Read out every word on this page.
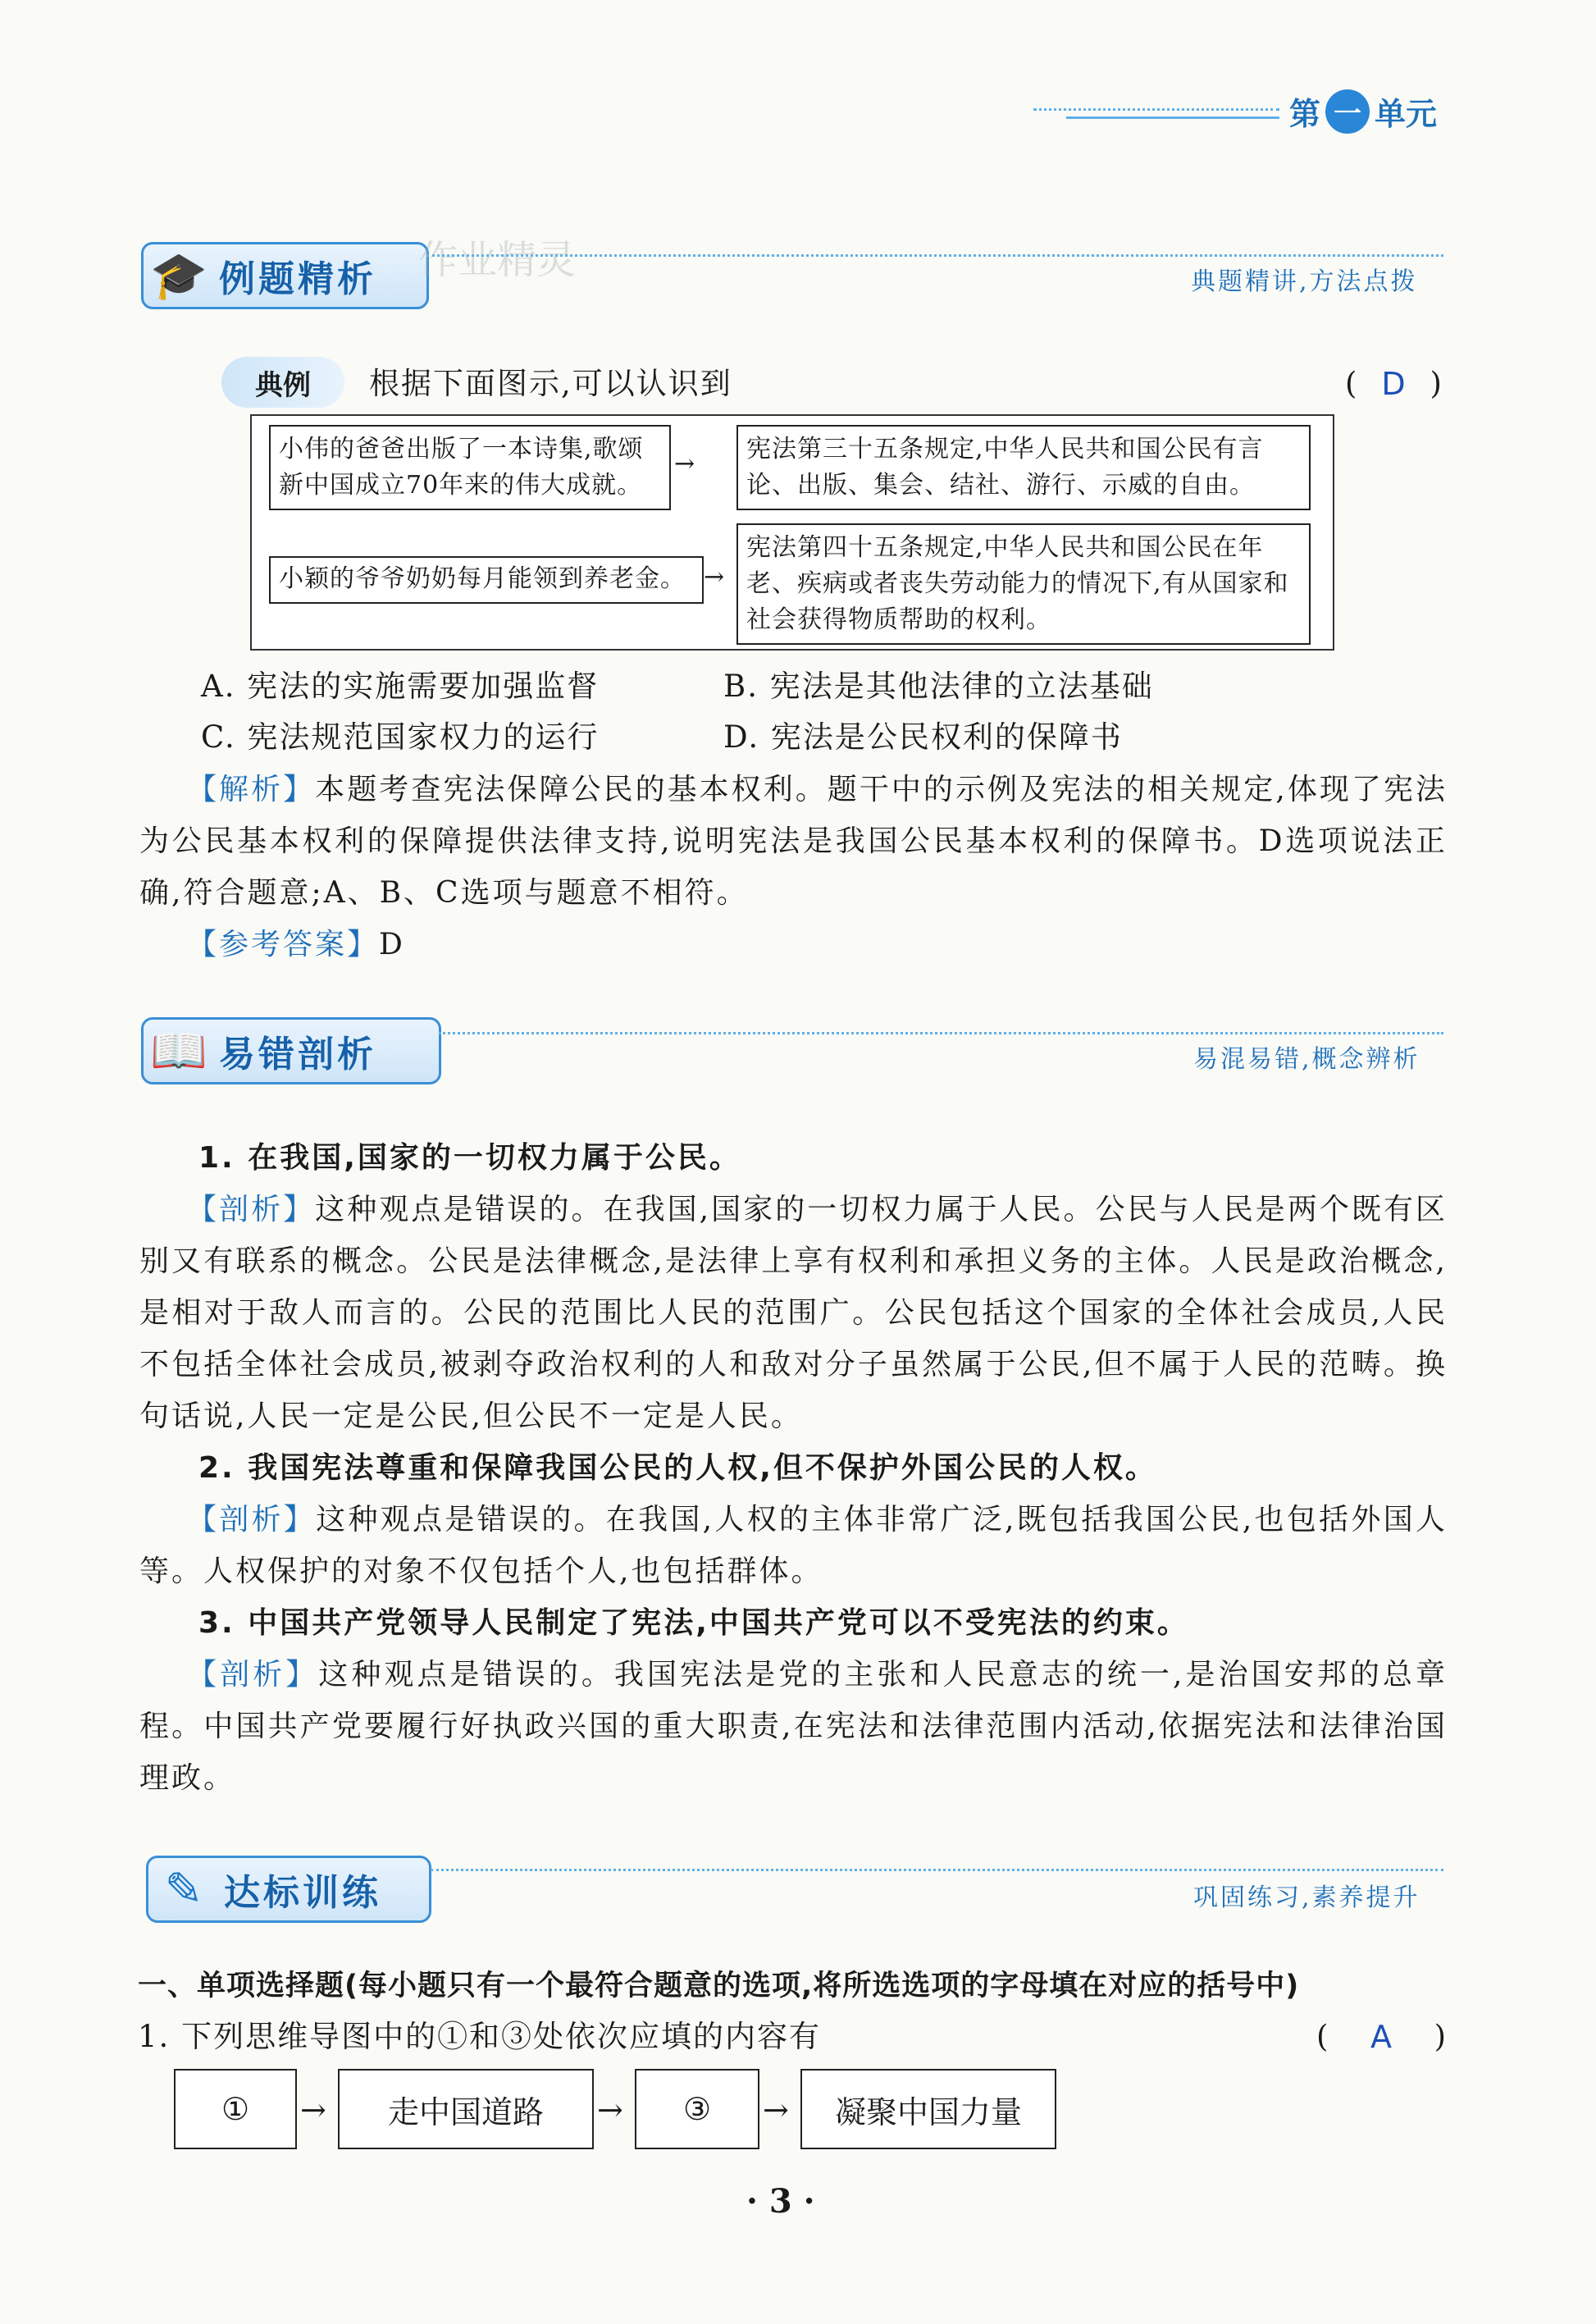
第 一 单元
🎓 例题精析 作业精灵	典题精讲,方法点拨
典例 根据下面图示,可以认识到	( D )
小伟的爸爸出版了一本诗集,歌颂新中国成立70年来的伟大成就。
→
宪法第三十五条规定,中华人民共和国公民有言论、出版、集会、结社、游行、示威的自由。
小颖的爷爷奶奶每月能领到养老金。 →
宪法第四十五条规定,中华人民共和国公民在年老、疾病或者丧失劳动能力的情况下,有从国家和社会获得物质帮助的权利。
A. 宪法的实施需要加强监督	B. 宪法是其他法律的立法基础
C. 宪法规范国家权力的运行	D. 宪法是公民权利的保障书
【解析】本题考查宪法保障公民的基本权利。题干中的示例及宪法的相关规定,体现了宪法为公民基本权利的保障提供法律支持,说明宪法是我国公民基本权利的保障书。D选项说法正确,符合题意;A、B、C选项与题意不相符。
【参考答案】D
📖 易错剖析	易混易错,概念辨析
1. 在我国,国家的一切权力属于公民。
【剖析】这种观点是错误的。在我国,国家的一切权力属于人民。公民与人民是两个既有区别又有联系的概念。公民是法律概念,是法律上享有权利和承担义务的主体。人民是政治概念,是相对于敌人而言的。公民的范围比人民的范围广。公民包括这个国家的全体社会成员,人民不包括全体社会成员,被剥夺政治权利的人和敌对分子虽然属于公民,但不属于人民的范畴。换句话说,人民一定是公民,但公民不一定是人民。
2. 我国宪法尊重和保障我国公民的人权,但不保护外国公民的人权。
【剖析】这种观点是错误的。在我国,人权的主体非常广泛,既包括我国公民,也包括外国人等。人权保护的对象不仅包括个人,也包括群体。
3. 中国共产党领导人民制定了宪法,中国共产党可以不受宪法的约束。
【剖析】这种观点是错误的。我国宪法是党的主张和人民意志的统一,是治国安邦的总章程。中国共产党要履行好执政兴国的重大职责,在宪法和法律范围内活动,依据宪法和法律治国理政。
✎ 达标训练	巩固练习,素养提升
一、单项选择题(每小题只有一个最符合题意的选项,将所选选项的字母填在对应的括号中)
1. 下列思维导图中的①和③处依次应填的内容有	( A )
①	→	走中国道路	→	③	→	凝聚中国力量
· 3 ·
